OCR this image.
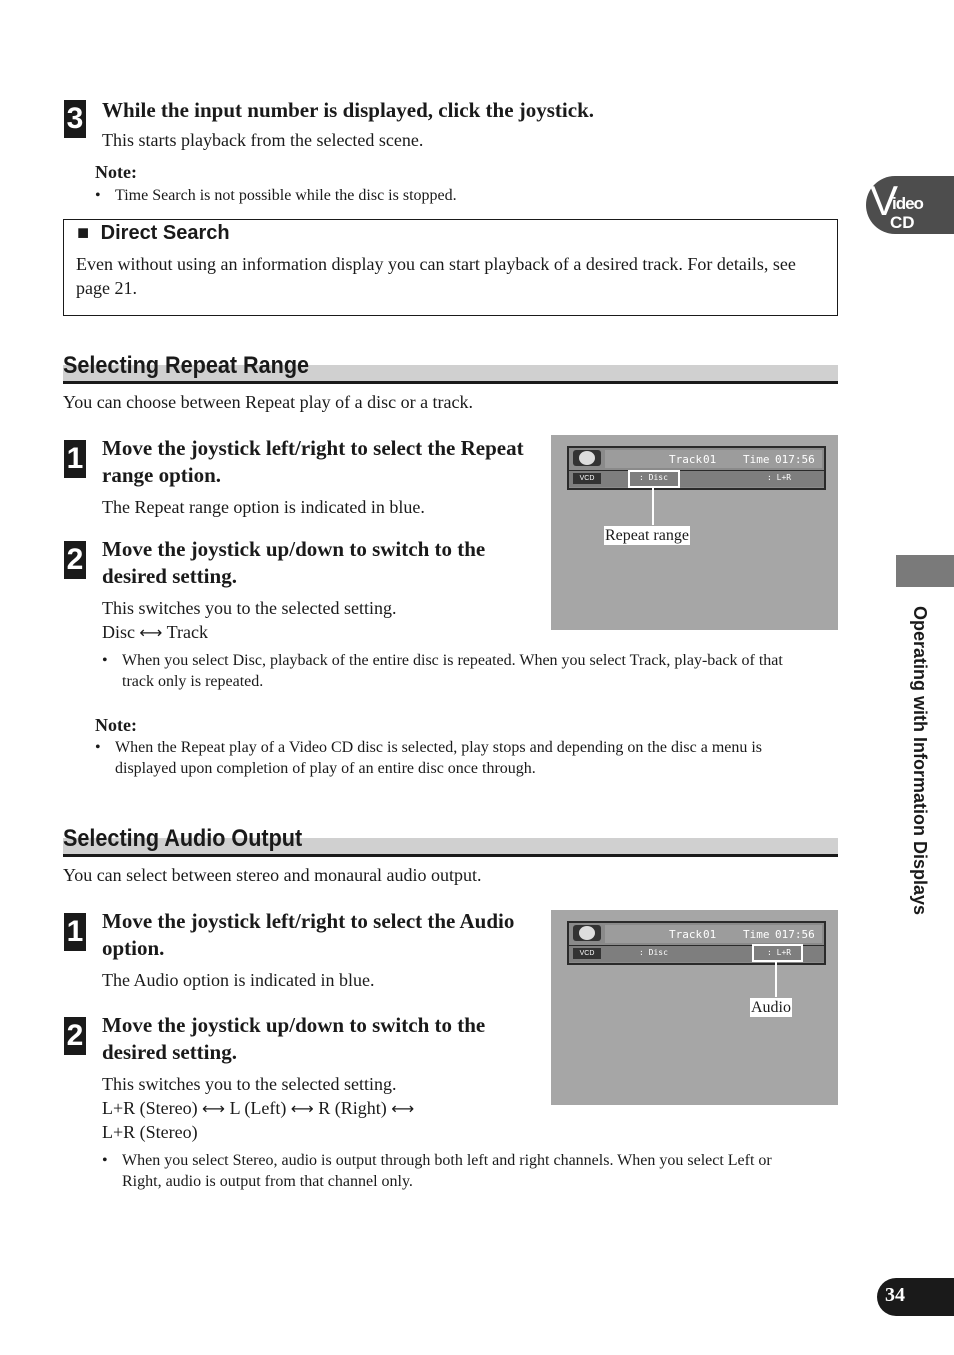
3 While the input number is displayed, click the joystick.
This starts playback from the selected scene.
Note:
• Time Search is not possible while the disc is stopped.
■ Direct Search
Even without using an information display you can start playback of a desired track. For details, see page 21.
Selecting Repeat Range
You can choose between Repeat play of a disc or a track.
1 Move the joystick left/right to select the Repeat range option.
The Repeat range option is indicated in blue.
2 Move the joystick up/down to switch to the desired setting.
This switches you to the selected setting.
Disc ⟷ Track
• When you select Disc, playback of the entire disc is repeated. When you select Track, play-back of that track only is repeated.
Note:
• When the Repeat play of a Video CD disc is selected, play stops and depending on the disc a menu is displayed upon completion of play of an entire disc once through.
Track 01 Time 017:56
VCD	: Disc	: L+R
Repeat range
Selecting Audio Output
You can select between stereo and monaural audio output.
1 Move the joystick left/right to select the Audio option.
The Audio option is indicated in blue.
2 Move the joystick up/down to switch to the desired setting.
This switches you to the selected setting.
L+R (Stereo) ⟷ L (Left) ⟷ R (Right) ⟷
L+R (Stereo)
• When you select Stereo, audio is output through both left and right channels. When you select Left or Right, audio is output from that channel only.
Track 01 Time 017:56
VCD	: Disc	: L+R
Audio
V
ideo
CD
Operating with Information Displays
34
